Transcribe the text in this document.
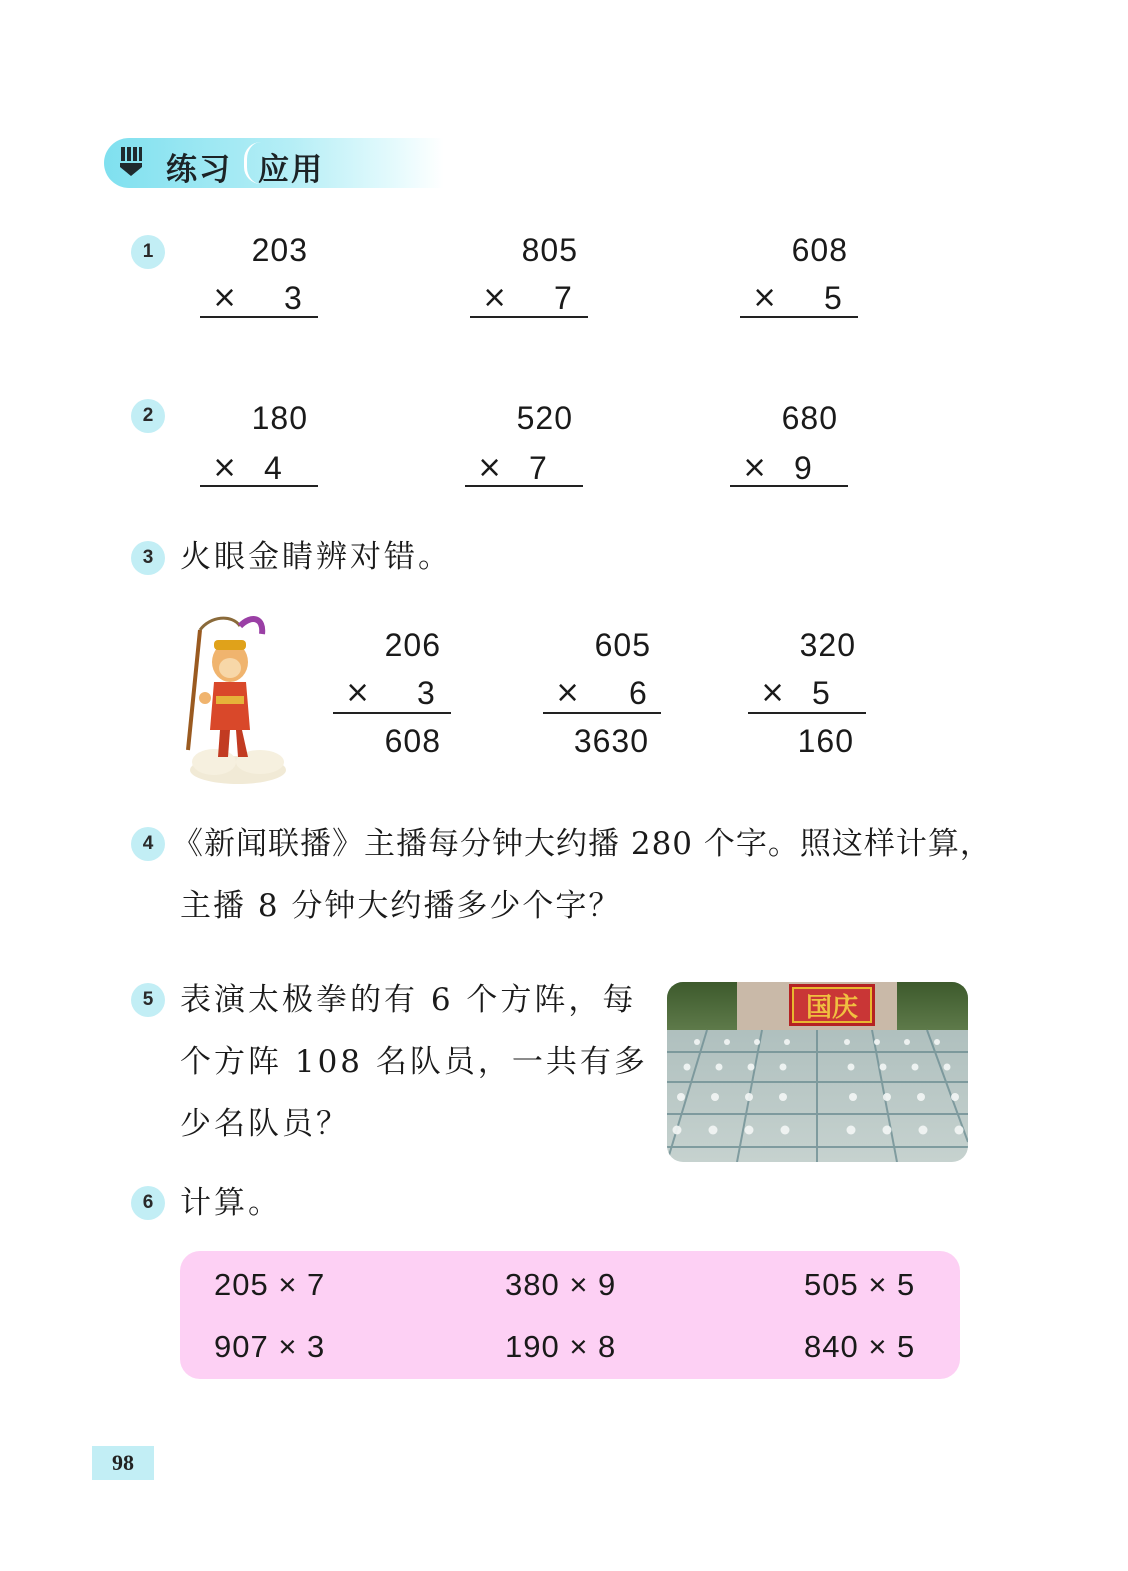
练习 应用
1	203
× 3
805
× 7
608
× 5
2	180
× 4
520
× 7
680
× 9
3 火眼金睛辨对错。
206
× 3
608
605
× 6
3630
320
× 5
160
4 《新闻联播》主播每分钟大约播 280 个字。照这样计算，
主播 8 分钟大约播多少个字？
5 表演太极拳的有 6 个方阵，每
个方阵 108 名队员，一共有多
少名队员？
国庆
6 计算。
205 × 7	380 × 9	505 × 5
907 × 3	190 × 8	840 × 5
98
